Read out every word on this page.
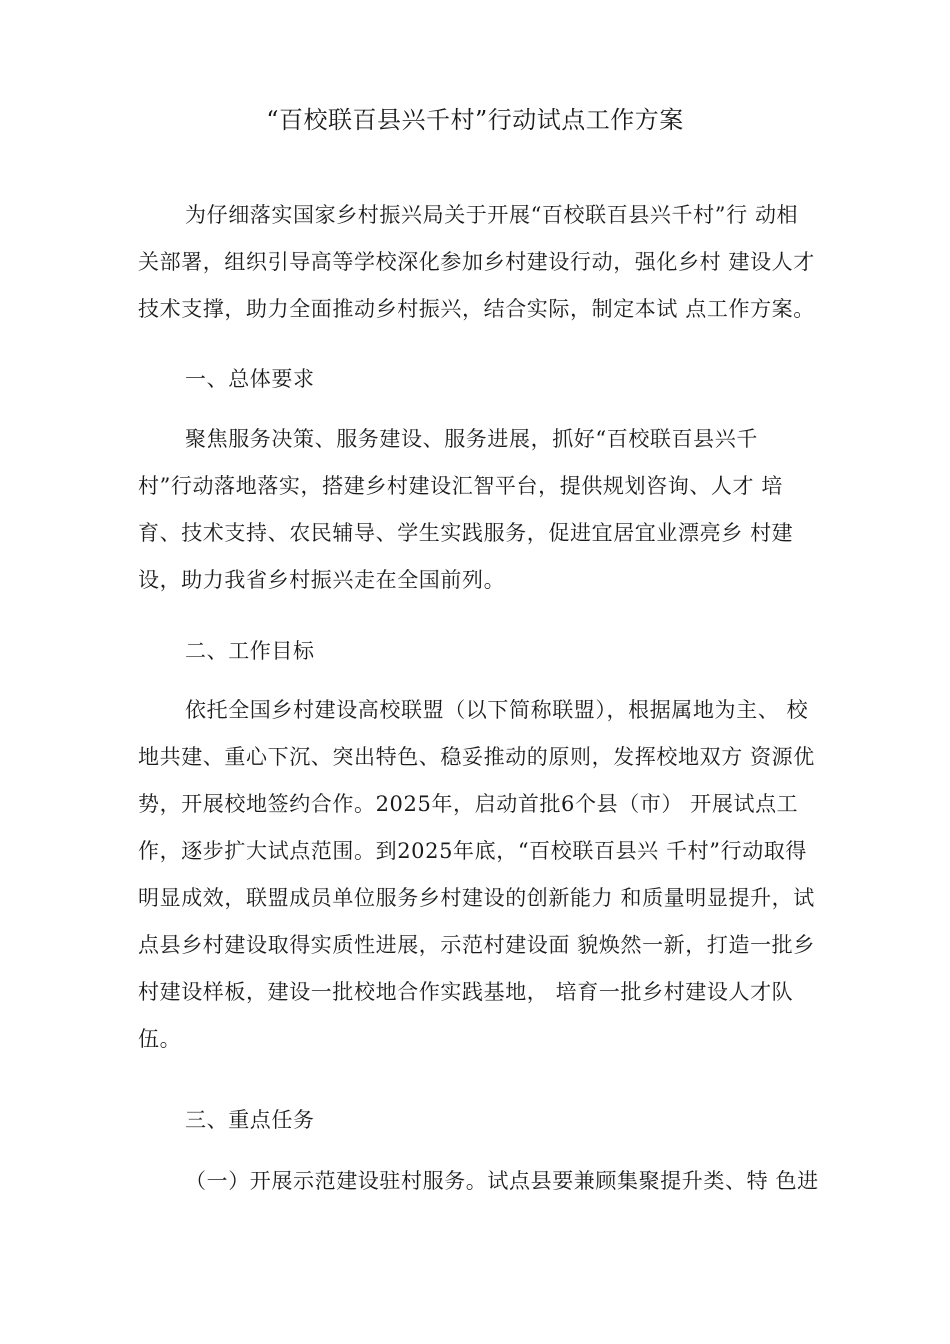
“百校联百县兴千村”行动试点工作方案
为仔细落实国家乡村振兴局关于开展“百校联百县兴千村”行 动相
关部署，组织引导高等学校深化参加乡村建设行动，强化乡村 建设人才
技术支撑，助力全面推动乡村振兴，结合实际，制定本试 点工作方案。
一、总体要求
聚焦服务决策、服务建设、服务进展，抓好“百校联百县兴千
村”行动落地落实，搭建乡村建设汇智平台，提供规划咨询、人才 培
育、技术支持、农民辅导、学生实践服务，促进宜居宜业漂亮乡 村建
设，助力我省乡村振兴走在全国前列。
二、工作目标
依托全国乡村建设高校联盟（以下简称联盟），根据属地为主、 校
地共建、重心下沉、突出特色、稳妥推动的原则，发挥校地双方 资源优
势，开展校地签约合作。2025年，启动首批6个县（市） 开展试点工
作，逐步扩大试点范围。到2025年底，“百校联百县兴 千村”行动取得
明显成效，联盟成员单位服务乡村建设的创新能力 和质量明显提升，试
点县乡村建设取得实质性进展，示范村建设面 貌焕然一新，打造一批乡
村建设样板，建设一批校地合作实践基地， 培育一批乡村建设人才队
伍。
三、重点任务
（一）开展示范建设驻村服务。试点县要兼顾集聚提升类、特 色进
